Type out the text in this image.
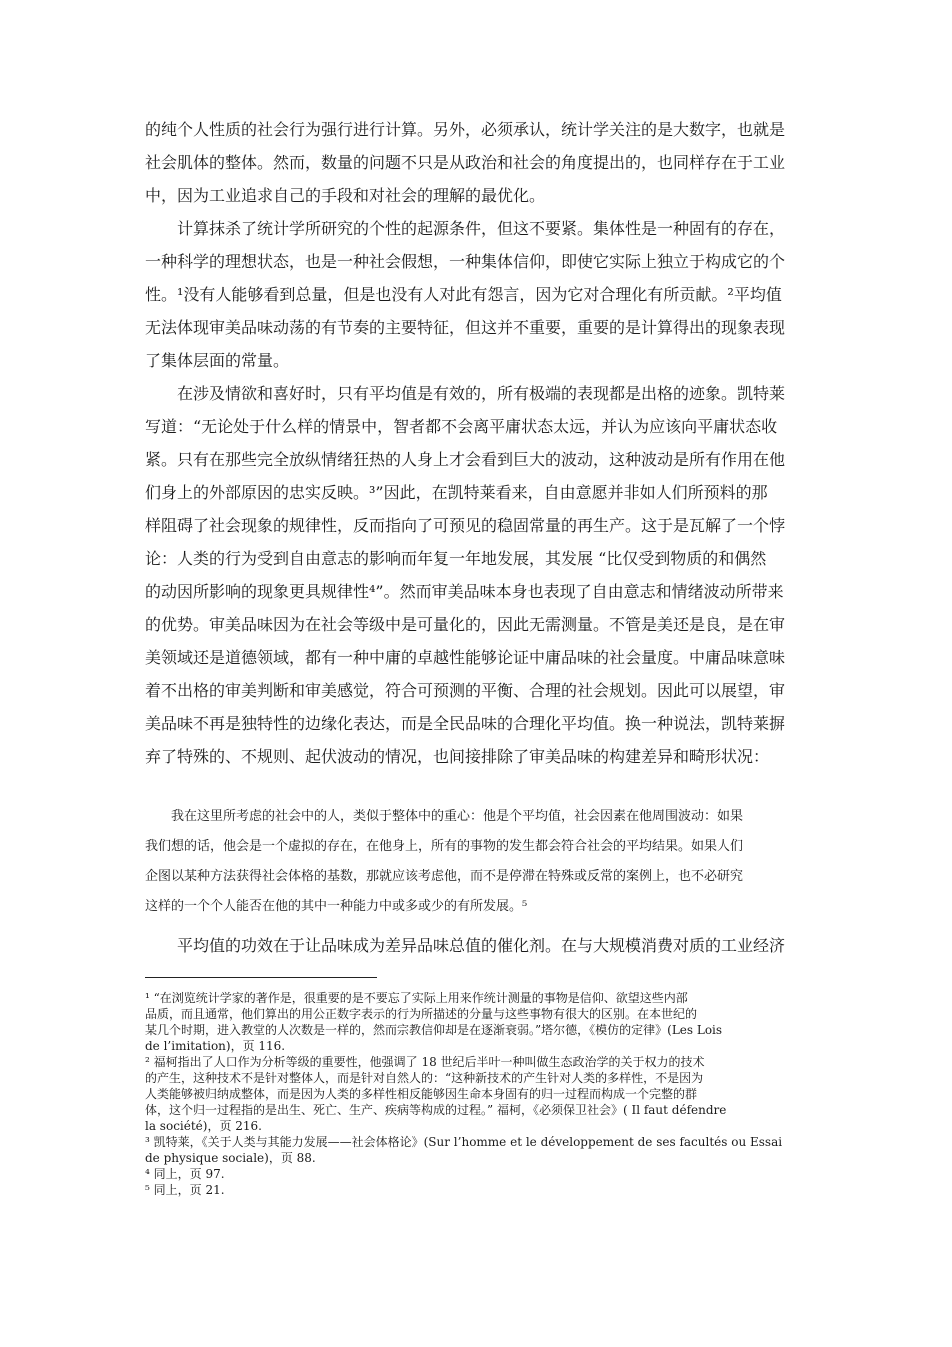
的纯个人性质的社会行为强行进行计算。另外，必须承认，统计学关注的是大数字，也就是
社会肌体的整体。然而，数量的问题不只是从政治和社会的角度提出的，也同样存在于工业
中，因为工业追求自己的手段和对社会的理解的最优化。
　　计算抹杀了统计学所研究的个性的起源条件，但这不要紧。集体性是一种固有的存在，
一种科学的理想状态，也是一种社会假想，一种集体信仰，即使它实际上独立于构成它的个
性。¹没有人能够看到总量，但是也没有人对此有怨言，因为它对合理化有所贡献。²平均值
无法体现审美品味动荡的有节奏的主要特征，但这并不重要，重要的是计算得出的现象表现
了集体层面的常量。
　　在涉及情欲和喜好时，只有平均值是有效的，所有极端的表现都是出格的迹象。凯特莱
写道：“无论处于什么样的情景中，智者都不会离平庸状态太远，并认为应该向平庸状态收
紧。只有在那些完全放纵情绪狂热的人身上才会看到巨大的波动，这种波动是所有作用在他
们身上的外部原因的忠实反映。³”因此，在凯特莱看来，自由意愿并非如人们所预料的那
样阻碍了社会现象的规律性，反而指向了可预见的稳固常量的再生产。这于是瓦解了一个悖
论：人类的行为受到自由意志的影响而年复一年地发展，其发展 “比仅受到物质的和偶然
的动因所影响的现象更具规律性⁴”。然而审美品味本身也表现了自由意志和情绪波动所带来
的优势。审美品味因为在社会等级中是可量化的，因此无需测量。不管是美还是良，是在审
美领域还是道德领域，都有一种中庸的卓越性能够论证中庸品味的社会量度。中庸品味意味
着不出格的审美判断和审美感觉，符合可预测的平衡、合理的社会规划。因此可以展望，审
美品味不再是独特性的边缘化表达，而是全民品味的合理化平均值。换一种说法，凯特莱摒
弃了特殊的、不规则、起伏波动的情况，也间接排除了审美品味的构建差异和畸形状况：
　　我在这里所考虑的社会中的人，类似于整体中的重心：他是个平均值，社会因素在他周围波动：如果
我们想的话，他会是一个虚拟的存在，在他身上，所有的事物的发生都会符合社会的平均结果。如果人们
企图以某种方法获得社会体格的基数，那就应该考虑他，而不是停滞在特殊或反常的案例上，也不必研究
这样的一个个人能否在他的其中一种能力中或多或少的有所发展。⁵
　　平均值的功效在于让品味成为差异品味总值的催化剂。在与大规模消费对质的工业经济
¹ “在浏览统计学家的著作是，很重要的是不要忘了实际上用来作统计测量的事物是信仰、欲望这些内部
品质，而且通常，他们算出的用公正数字表示的行为所描述的分量与这些事物有很大的区别。在本世纪的
某几个时期，进入教堂的人次数是一样的，然而宗教信仰却是在逐渐衰弱。”塔尔德，《模仿的定律》(Les Lois
de l’imitation)，页 116.
² 福柯指出了人口作为分析等级的重要性，他强调了 18 世纪后半叶一种叫做生态政治学的关于权力的技术
的产生，这种技术不是针对整体人，而是针对自然人的：“这种新技术的产生针对人类的多样性，不是因为
人类能够被归纳成整体，而是因为人类的多样性相反能够因生命本身固有的归一过程而构成一个完整的群
体，这个归一过程指的是出生、死亡、生产、疾病等构成的过程。” 福柯，《必须保卫社会》( Il faut défendre
la société)，页 216.
³ 凯特莱，《关于人类与其能力发展——社会体格论》(Sur l’homme et le développement de ses facultés ou Essai
de physique sociale)，页 88.
⁴ 同上，页 97.
⁵ 同上，页 21.
